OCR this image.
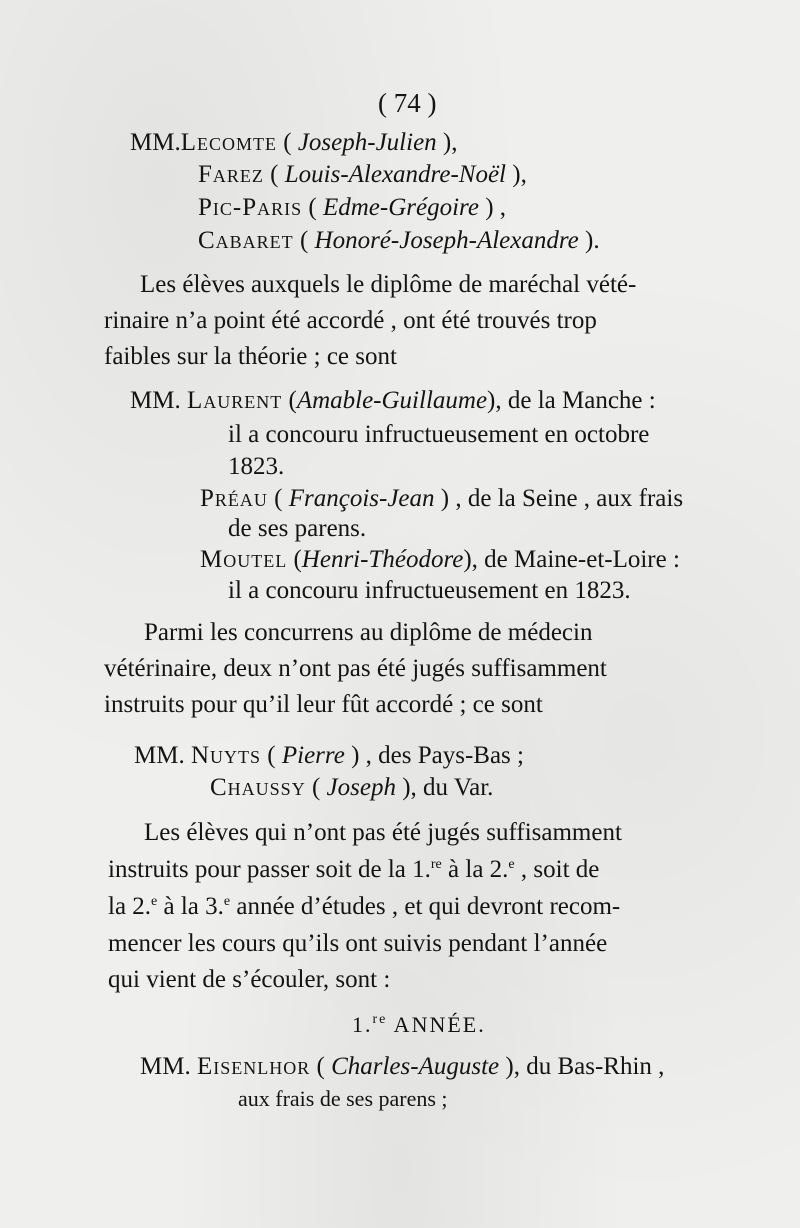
( 74 )
MM.Lecomte ( Joseph-Julien ),
Farez ( Louis-Alexandre-Noël ),
Pic-Paris ( Edme-Grégoire ) ,
Cabaret ( Honoré-Joseph-Alexandre ).
Les élèves auxquels le diplôme de maréchal vété-
rinaire n’a point été accordé , ont été trouvés trop
faibles sur la théorie ; ce sont
MM. Laurent (Amable-Guillaume), de la Manche :
il a concouru infructueusement en octobre
1823.
Préau ( François-Jean ) , de la Seine , aux frais
de ses parens.
Moutel (Henri-Théodore), de Maine-et-Loire :
il a concouru infructueusement en 1823.
Parmi les concurrens au diplôme de médecin
vétérinaire, deux n’ont pas été jugés suffisamment
instruits pour qu’il leur fût accordé ; ce sont
MM. Nuyts ( Pierre ) , des Pays-Bas ;
Chaussy ( Joseph ), du Var.
Les élèves qui n’ont pas été jugés suffisamment
instruits pour passer soit de la 1.$^{re}$ à la 2.$^e$ , soit de
la 2.$^e$ à la 3.$^e$ année d’études , et qui devront recom-
mencer les cours qu’ils ont suivis pendant l’année
qui vient de s’écouler, sont :
1.$^{re}$ ANNÉE.
MM. Eisenlhor ( Charles-Auguste ), du Bas-Rhin ,
aux frais de ses parens ;
